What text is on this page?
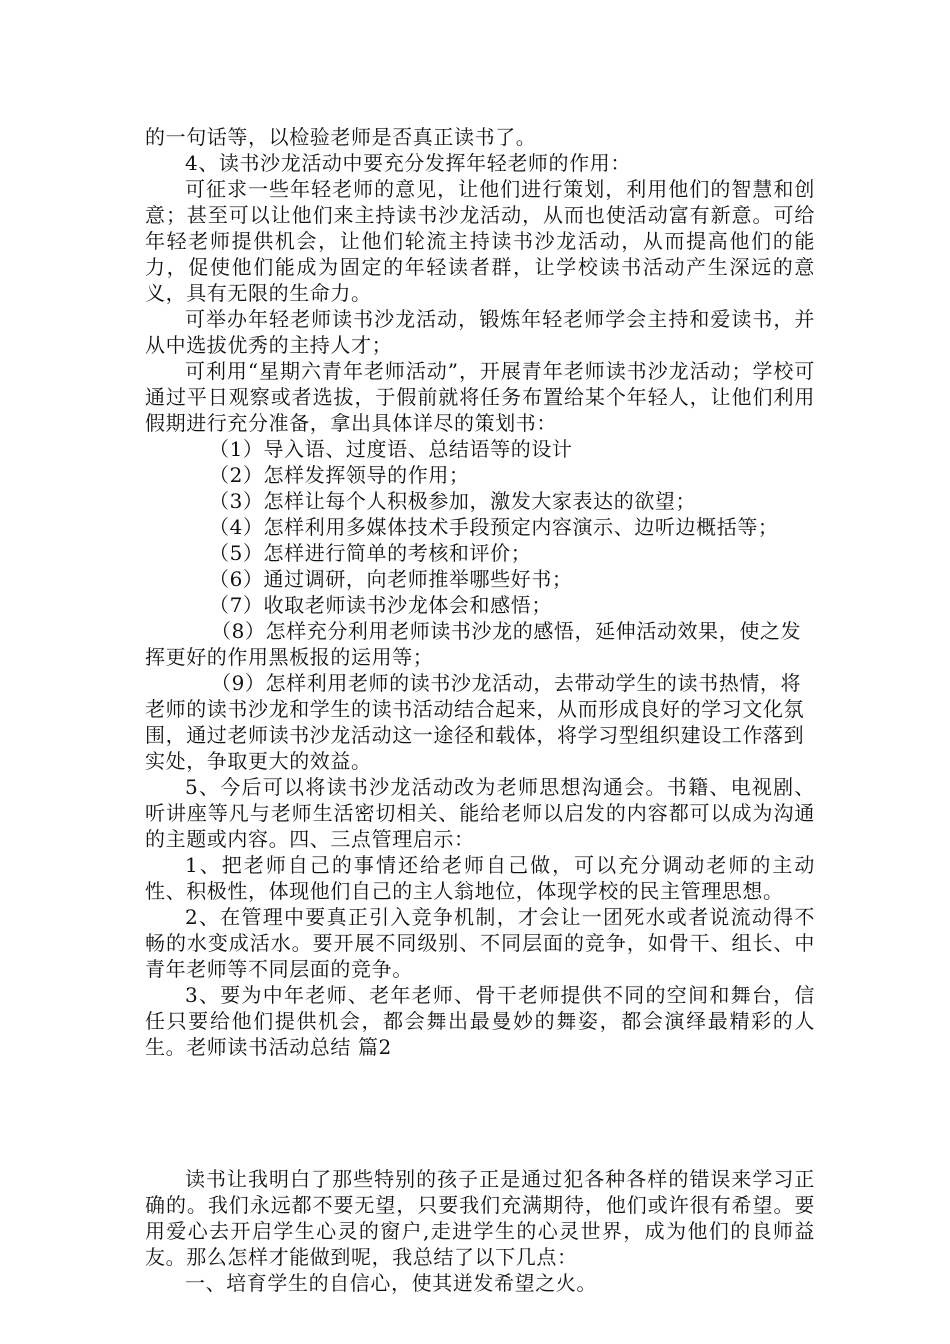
的一句话等，以检验老师是否真正读书了。

4、读书沙龙活动中要充分发挥年轻老师的作用：

可征求一些年轻老师的意见，让他们进行策划，利用他们的智慧和创意；甚至可以让他们来主持读书沙龙活动，从而也使活动富有新意。可给年轻老师提供机会，让他们轮流主持读书沙龙活动，从而提高他们的能力，促使他们能成为固定的年轻读者群，让学校读书活动产生深远的意义，具有无限的生命力。

可举办年轻老师读书沙龙活动，锻炼年轻老师学会主持和爱读书，并从中选拔优秀的主持人才；

可利用“星期六青年老师活动”，开展青年老师读书沙龙活动；学校可通过平日观察或者选拔，于假前就将任务布置给某个年轻人，让他们利用假期进行充分准备，拿出具体详尽的策划书：

（1）导入语、过度语、总结语等的设计

（2）怎样发挥领导的作用；

（3）怎样让每个人积极参加，激发大家表达的欲望；

（4）怎样利用多媒体技术手段预定内容演示、边听边概括等；

（5）怎样进行简单的考核和评价；

（6）通过调研，向老师推举哪些好书；

（7）收取老师读书沙龙体会和感悟；

（8）怎样充分利用老师读书沙龙的感悟，延伸活动效果，使之发挥更好的作用黑板报的运用等；

（9）怎样利用老师的读书沙龙活动，去带动学生的读书热情，将老师的读书沙龙和学生的读书活动结合起来，从而形成良好的学习文化氛围，通过老师读书沙龙活动这一途径和载体，将学习型组织建设工作落到实处，争取更大的效益。

5、今后可以将读书沙龙活动改为老师思想沟通会。书籍、电视剧、听讲座等凡与老师生活密切相关、能给老师以启发的内容都可以成为沟通的主题或内容。四、三点管理启示：

1、把老师自己的事情还给老师自己做，可以充分调动老师的主动性、积极性，体现他们自己的主人翁地位，体现学校的民主管理思想。

2、在管理中要真正引入竞争机制，才会让一团死水或者说流动得不畅的水变成活水。要开展不同级别、不同层面的竞争，如骨干、组长、中青年老师等不同层面的竞争。

3、要为中年老师、老年老师、骨干老师提供不同的空间和舞台，信任只要给他们提供机会，都会舞出最曼妙的舞姿，都会演绎最精彩的人生。老师读书活动总结 篇2

读书让我明白了那些特别的孩子正是通过犯各种各样的错误来学习正确的。我们永远都不要无望，只要我们充满期待，他们或许很有希望。要用爱心去开启学生心灵的窗户,走进学生的心灵世界，成为他们的良师益友。那么怎样才能做到呢，我总结了以下几点：

一、培育学生的自信心，使其迸发希望之火。
